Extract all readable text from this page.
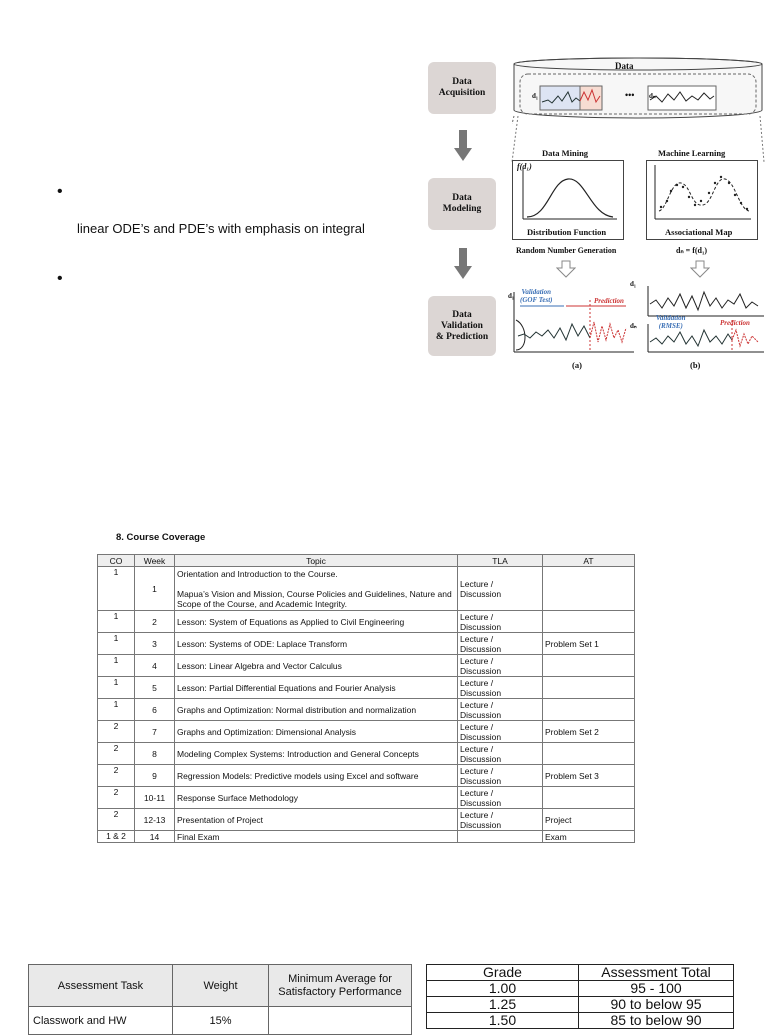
•
linear ODE’s and PDE’s with emphasis on integral
•
Data
Acquisition
Data
Modeling
Data
Validation
& Prediction
Data
d₁	••• dₙ
Data Mining
f(d₁)
Distribution Function
Machine Learning
Associational Map
Random Number Generation	dₙ = f(d₁)
d₁ Validation
(GOF Test)	Prediction
(a)
d₁
dₙ
Validation
(RMSE)	Prediction
(b)
8. Course Coverage
CO	Week	Topic	TLA	AT
1	1	Orientation and Introduction to the Course.

Mapua’s Vision and Mission, Course Policies and Guidelines, Nature and Scope of the Course, and Academic Integrity.	Lecture /
Discussion	
1	2	Lesson: System of Equations as Applied to Civil Engineering	Lecture /
Discussion	
1	3	Lesson: Systems of ODE: Laplace Transform	Lecture /
Discussion	Problem Set 1
1	4	Lesson: Linear Algebra and Vector Calculus	Lecture /
Discussion	
1	5	Lesson: Partial Differential Equations and Fourier Analysis	Lecture /
Discussion	
1	6	Graphs and Optimization: Normal distribution and normalization	Lecture /
Discussion	
2	7	Graphs and Optimization: Dimensional Analysis	Lecture /
Discussion	Problem Set 2
2	8	Modeling Complex Systems: Introduction and General Concepts	Lecture /
Discussion	
2	9	Regression Models: Predictive models using Excel and software	Lecture /
Discussion	Problem Set 3
2	10-11	Response Surface Methodology	Lecture /
Discussion	
2	12-13	Presentation of Project	Lecture /
Discussion	Project
1 & 2	14	Final Exam		Exam
Assessment Task	Weight	Minimum Average for Satisfactory Performance
Classwork and HW	15%	
Grade	Assessment Total
1.00	95 - 100
1.25	90 to below 95
1.50	85 to below 90
